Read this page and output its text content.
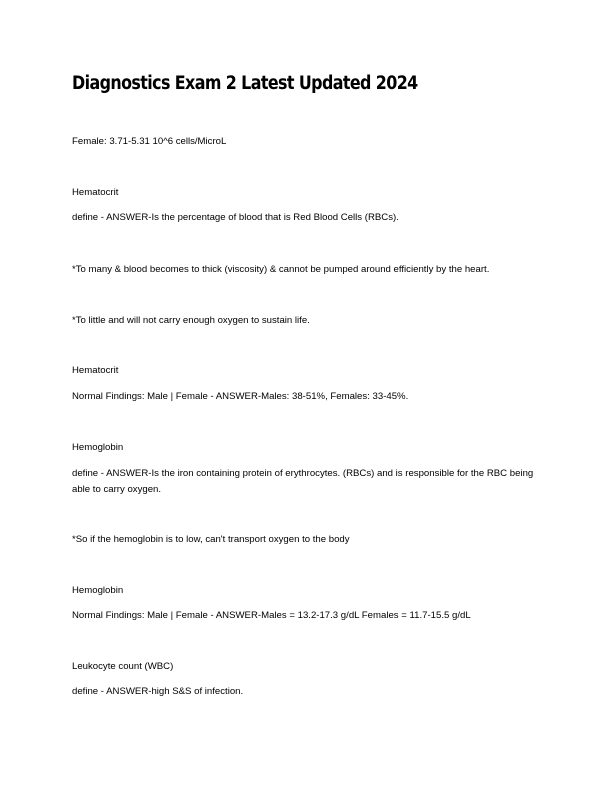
Diagnostics Exam 2 Latest Updated 2024

Female: 3.71-5.31 10^6 cells/MicroL

Hematocrit

define - ANSWER-Is the percentage of blood that is Red Blood Cells (RBCs).

*To many & blood becomes to thick (viscosity) & cannot be pumped around efficiently by the heart.

*To little and will not carry enough oxygen to sustain life.

Hematocrit

Normal Findings: Male | Female - ANSWER-Males: 38-51%, Females: 33-45%.

Hemoglobin

define - ANSWER-Is the iron containing protein of erythrocytes. (RBCs) and is responsible for the RBC being able to carry oxygen.

*So if the hemoglobin is to low, can't transport oxygen to the body

Hemoglobin

Normal Findings: Male | Female - ANSWER-Males = 13.2-17.3 g/dL Females = 11.7-15.5 g/dL

Leukocyte count (WBC)

define - ANSWER-high S&S of infection.
